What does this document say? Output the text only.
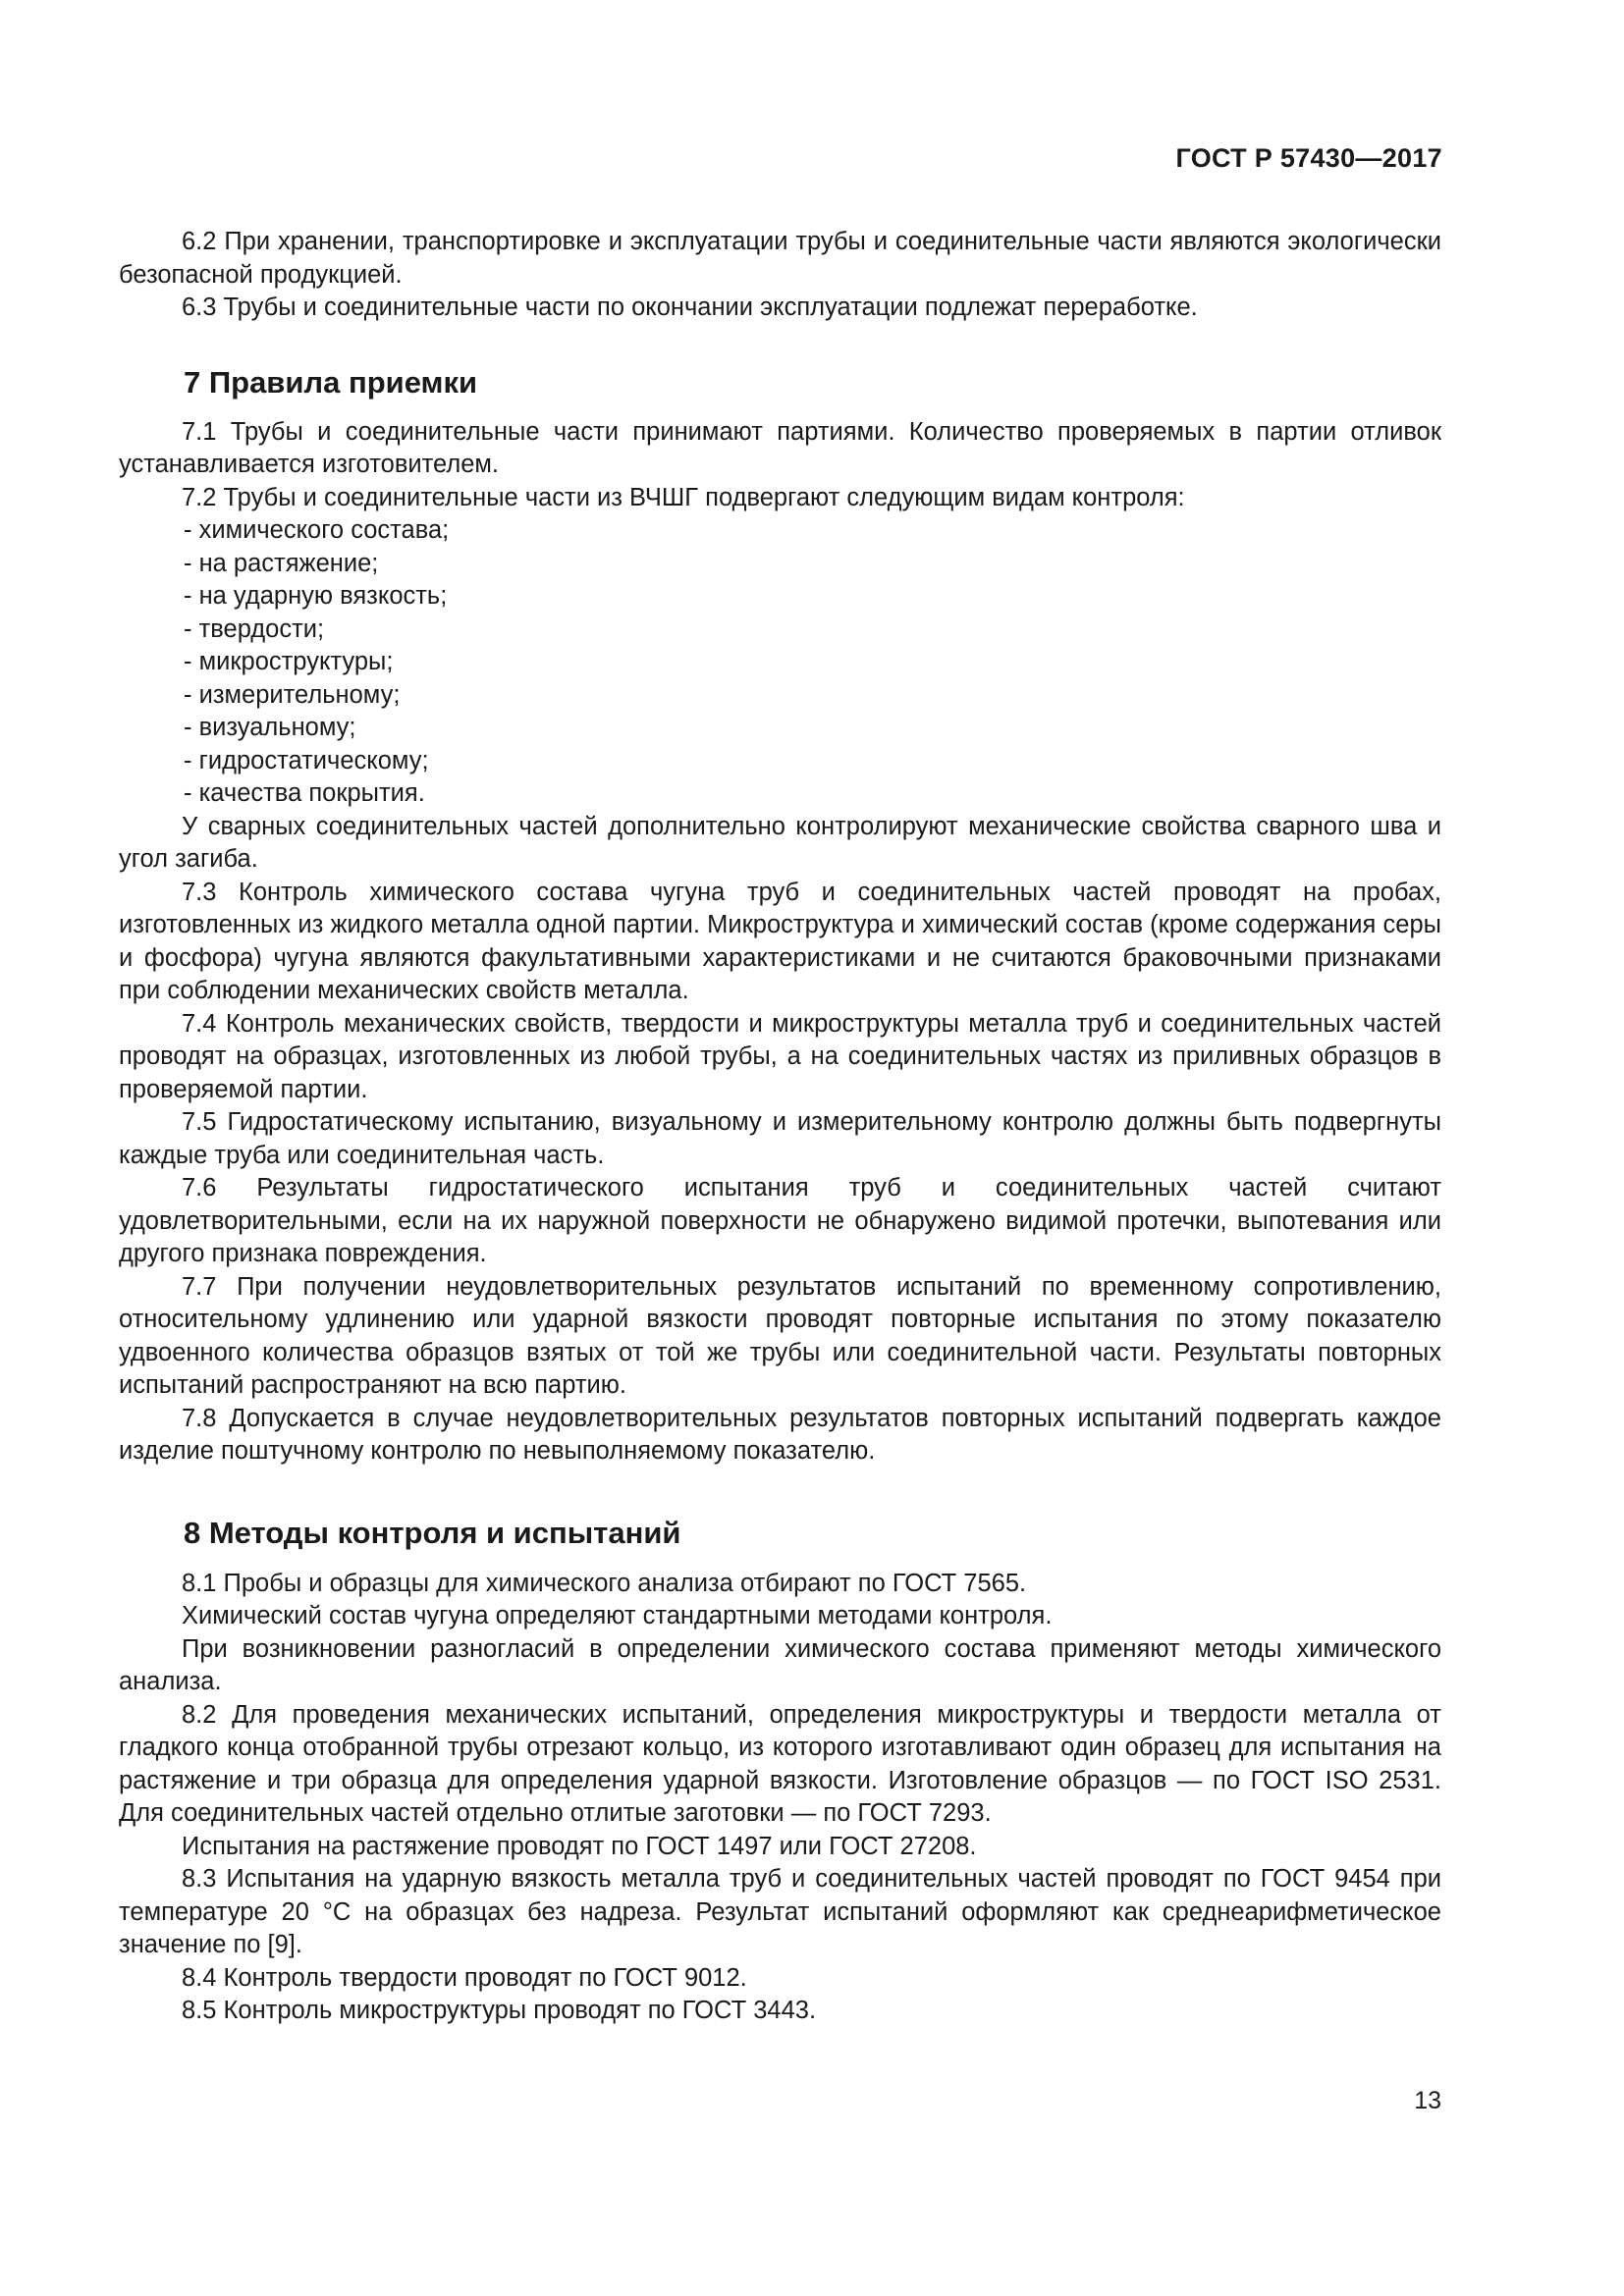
ГОСТ Р 57430—2017

6.2 При хранении, транспортировке и эксплуатации трубы и соединительные части являются экологически безопасной продукцией.

6.3 Трубы и соединительные части по окончании эксплуатации подлежат переработке.

7 Правила приемки

7.1 Трубы и соединительные части принимают партиями. Количество проверяемых в партии отливок устанавливается изготовителем.

7.2 Трубы и соединительные части из ВЧШГ подвергают следующим видам контроля:

- химического состава;

- на растяжение;

- на ударную вязкость;

- твердости;

- микроструктуры;

- измерительному;

- визуальному;

- гидростатическому;

- качества покрытия.

У сварных соединительных частей дополнительно контролируют механические свойства сварного шва и угол загиба.

7.3 Контроль химического состава чугуна труб и соединительных частей проводят на пробах, изготовленных из жидкого металла одной партии. Микроструктура и химический состав (кроме содержания серы и фосфора) чугуна являются факультативными характеристиками и не считаются браковочными признаками при соблюдении механических свойств металла.

7.4 Контроль механических свойств, твердости и микроструктуры металла труб и соединительных частей проводят на образцах, изготовленных из любой трубы, а на соединительных частях из приливных образцов в проверяемой партии.

7.5 Гидростатическому испытанию, визуальному и измерительному контролю должны быть подвергнуты каждые труба или соединительная часть.

7.6 Результаты гидростатического испытания труб и соединительных частей считают удовлетворительными, если на их наружной поверхности не обнаружено видимой протечки, выпотевания или другого признака повреждения.

7.7 При получении неудовлетворительных результатов испытаний по временному сопротивлению, относительному удлинению или ударной вязкости проводят повторные испытания по этому показателю удвоенного количества образцов взятых от той же трубы или соединительной части. Результаты повторных испытаний распространяют на всю партию.

7.8 Допускается в случае неудовлетворительных результатов повторных испытаний подвергать каждое изделие поштучному контролю по невыполняемому показателю.

8 Методы контроля и испытаний

8.1 Пробы и образцы для химического анализа отбирают по ГОСТ 7565.

Химический состав чугуна определяют стандартными методами контроля.

При возникновении разногласий в определении химического состава применяют методы химического анализа.

8.2 Для проведения механических испытаний, определения микроструктуры и твердости металла от гладкого конца отобранной трубы отрезают кольцо, из которого изготавливают один образец для испытания на растяжение и три образца для определения ударной вязкости. Изготовление образцов — по ГОСТ ISO 2531. Для соединительных частей отдельно отлитые заготовки — по ГОСТ 7293.

Испытания на растяжение проводят по ГОСТ 1497 или ГОСТ 27208.

8.3 Испытания на ударную вязкость металла труб и соединительных частей проводят по ГОСТ 9454 при температуре 20 °С на образцах без надреза. Результат испытаний оформляют как среднеарифметическое значение по [9].

8.4 Контроль твердости проводят по ГОСТ 9012.

8.5 Контроль микроструктуры проводят по ГОСТ 3443.

13
